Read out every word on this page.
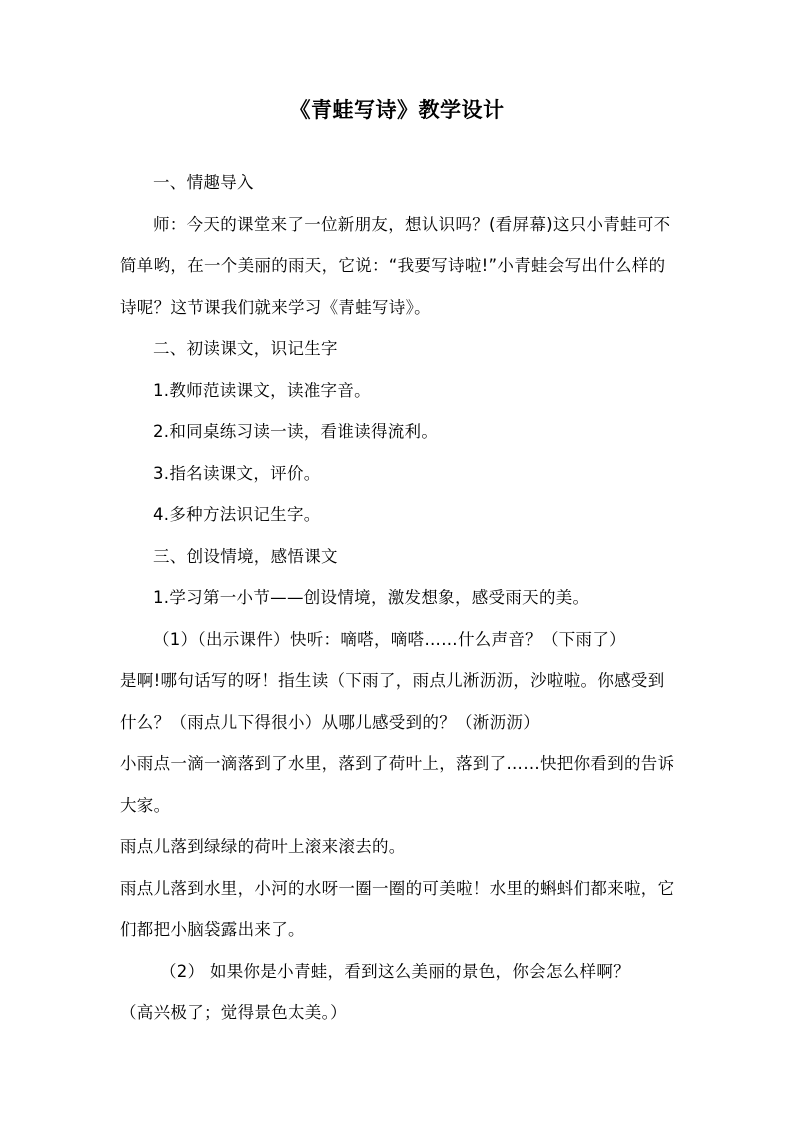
《青蛙写诗》教学设计

一、情趣导入

师：今天的课堂来了一位新朋友，想认识吗？(看屏幕)这只小青蛙可不简单哟，在一个美丽的雨天，它说：“我要写诗啦!”小青蛙会写出什么样的诗呢？这节课我们就来学习《青蛙写诗》。

二、初读课文，识记生字

1.教师范读课文，读准字音。

2.和同桌练习读一读，看谁读得流利。

3.指名读课文，评价。

4.多种方法识记生字。

三、创设情境，感悟课文

1.学习第一小节——创设情境，激发想象，感受雨天的美。

（1）（出示课件）快听：嘀嗒，嘀嗒……什么声音？（下雨了）

是啊!哪句话写的呀！指生读（下雨了，雨点儿淅沥沥，沙啦啦。你感受到什么？（雨点儿下得很小）从哪儿感受到的？（淅沥沥）

小雨点一滴一滴落到了水里，落到了荷叶上，落到了……快把你看到的告诉大家。

雨点儿落到绿绿的荷叶上滚来滚去的。

雨点儿落到水里，小河的水呀一圈一圈的可美啦！水里的蝌蚪们都来啦，它们都把小脑袋露出来了。

（2） 如果你是小青蛙，看到这么美丽的景色，你会怎么样啊？

（高兴极了；觉得景色太美。）
